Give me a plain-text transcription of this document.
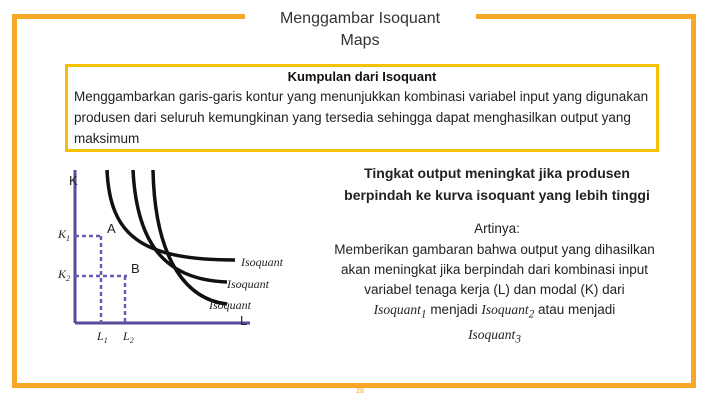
Menggambar Isoquant
Maps
Kumpulan dari Isoquant
Menggambarkan garis-garis kontur yang menunjukkan kombinasi variabel input yang digunakan produsen dari seluruh kemungkinan yang tersedia sehingga dapat menghasilkan output yang maksimum
K
L
A
B
$K_1$
$K_2$
$L_1$ $L_2$
Isoquant
Isoquant
Isoquant
Tingkat output meningkat jika produsen
berpindah ke kurva isoquant yang lebih tinggi
Artinya:
Memberikan gambaran bahwa output yang dihasilkan
akan meningkat jika berpindah dari kombinasi input
variabel tenaga kerja (L) dan modal (K) dari
Isoquant$_1$ menjadi Isoquant$_2$ atau menjadi
Isoquant$_3$
28
